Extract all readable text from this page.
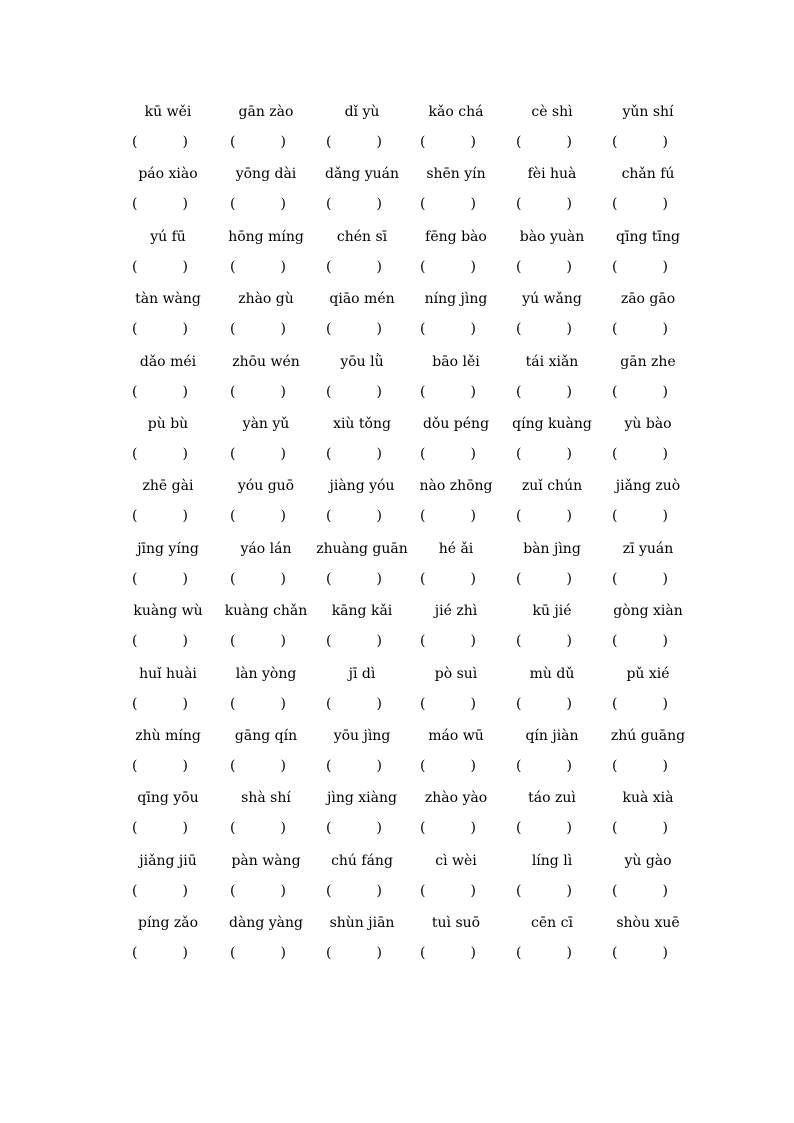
kū wěi	gān zào	dǐ yù	kǎo chá	cè shì	yǔn shí
(	)	(	)	(	)	(	)	(	)	(	)
páo xiào	yōng dài	dǎng yuán	shēn yín	fèi huà	chǎn fú
(	)	(	)	(	)	(	)	(	)	(	)
yú fū	hōng míng	chén sī	fēng bào	bào yuàn	qīng tīng
(	)	(	)	(	)	(	)	(	)	(	)
tàn wàng	zhào gù	qiāo mén	níng jìng	yú wǎng	zāo gāo
(	)	(	)	(	)	(	)	(	)	(	)
dǎo méi	zhōu wén	yōu lǜ	bāo lěi	tái xiǎn	gān zhe
(	)	(	)	(	)	(	)	(	)	(	)
pù bù	yàn yǔ	xiù tǒng	dǒu péng	qíng kuàng	yù bào
(	)	(	)	(	)	(	)	(	)	(	)
zhē gài	yóu guō	jiàng yóu	nào zhōng	zuǐ chún	jiǎng zuò
(	)	(	)	(	)	(	)	(	)	(	)
jīng yíng	yáo lán	zhuàng guān	hé ǎi	bàn jìng	zī yuán
(	)	(	)	(	)	(	)	(	)	(	)
kuàng wù	kuàng chǎn	kāng kǎi	jié zhì	kū jié	gòng xiàn
(	)	(	)	(	)	(	)	(	)	(	)
huǐ huài	làn yòng	jī dì	pò suì	mù dǔ	pǔ xié
(	)	(	)	(	)	(	)	(	)	(	)
zhù míng	gāng qín	yōu jìng	máo wū	qín jiàn	zhú guāng
(	)	(	)	(	)	(	)	(	)	(	)
qīng yōu	shà shí	jìng xiàng	zhào yào	táo zuì	kuà xià
(	)	(	)	(	)	(	)	(	)	(	)
jiǎng jiū	pàn wàng	chú fáng	cì wèi	líng lì	yù gào
(	)	(	)	(	)	(	)	(	)	(	)
píng zǎo	dàng yàng	shùn jiān	tuì suō	cēn cī	shòu xuē
(	)	(	)	(	)	(	)	(	)	(	)
